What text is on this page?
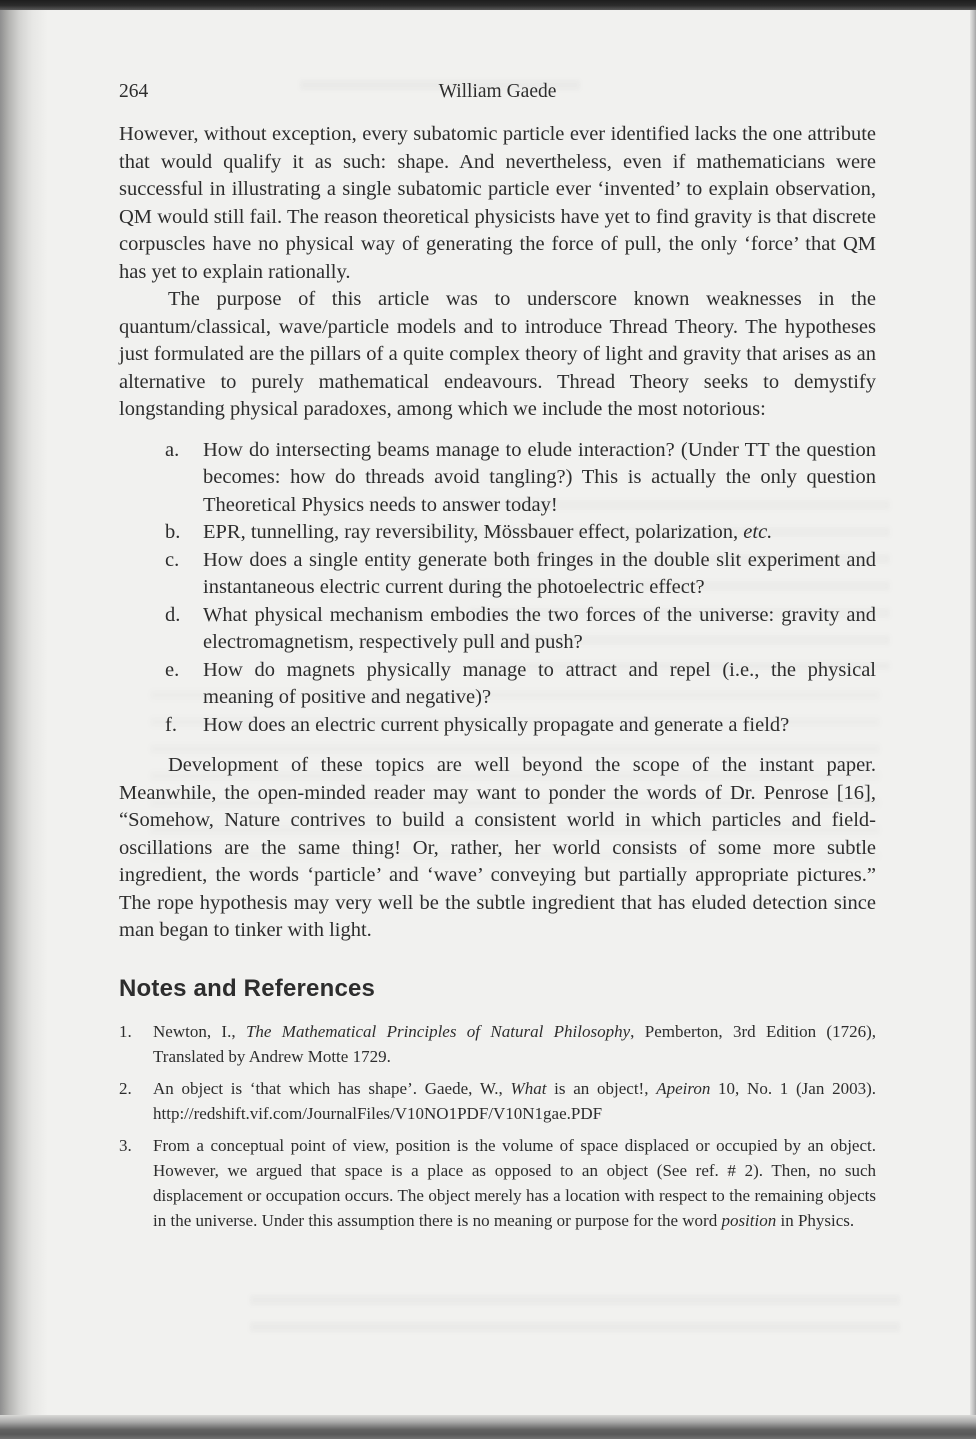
264	William Gaede

However, without exception, every subatomic particle ever identified lacks the one attribute that would qualify it as such: shape. And nevertheless, even if mathematicians were successful in illustrating a single subatomic particle ever ‘invented’ to explain observation, QM would still fail. The reason theoretical physicists have yet to find gravity is that discrete corpuscles have no physical way of generating the force of pull, the only ‘force’ that QM has yet to explain rationally.

The purpose of this article was to underscore known weaknesses in the quantum/classical, wave/particle models and to introduce Thread Theory. The hypotheses just formulated are the pillars of a quite complex theory of light and gravity that arises as an alternative to purely mathematical endeavours. Thread Theory seeks to demystify longstanding physical paradoxes, among which we include the most notorious:

a. How do intersecting beams manage to elude interaction? (Under TT the question becomes: how do threads avoid tangling?) This is actually the only question Theoretical Physics needs to answer today!
b. EPR, tunnelling, ray reversibility, Mössbauer effect, polarization, etc.
c. How does a single entity generate both fringes in the double slit experiment and instantaneous electric current during the photoelectric effect?
d. What physical mechanism embodies the two forces of the universe: gravity and electromagnetism, respectively pull and push?
e. How do magnets physically manage to attract and repel (i.e., the physical meaning of positive and negative)?
f. How does an electric current physically propagate and generate a field?

Development of these topics are well beyond the scope of the instant paper. Meanwhile, the open-minded reader may want to ponder the words of Dr. Penrose [16], “Somehow, Nature contrives to build a consistent world in which particles and field-oscillations are the same thing! Or, rather, her world consists of some more subtle ingredient, the words ‘particle’ and ‘wave’ conveying but partially appropriate pictures.” The rope hypothesis may very well be the subtle ingredient that has eluded detection since man began to tinker with light.

Notes and References
1. Newton, I., The Mathematical Principles of Natural Philosophy, Pemberton, 3rd Edition (1726), Translated by Andrew Motte 1729.
2. An object is ‘that which has shape’. Gaede, W., What is an object!, Apeiron 10, No. 1 (Jan 2003). http://redshift.vif.com/JournalFiles/V10NO1PDF/V10N1gae.PDF
3. From a conceptual point of view, position is the volume of space displaced or occupied by an object. However, we argued that space is a place as opposed to an object (See ref. # 2). Then, no such displacement or occupation occurs. The object merely has a location with respect to the remaining objects in the universe. Under this assumption there is no meaning or purpose for the word position in Physics.
